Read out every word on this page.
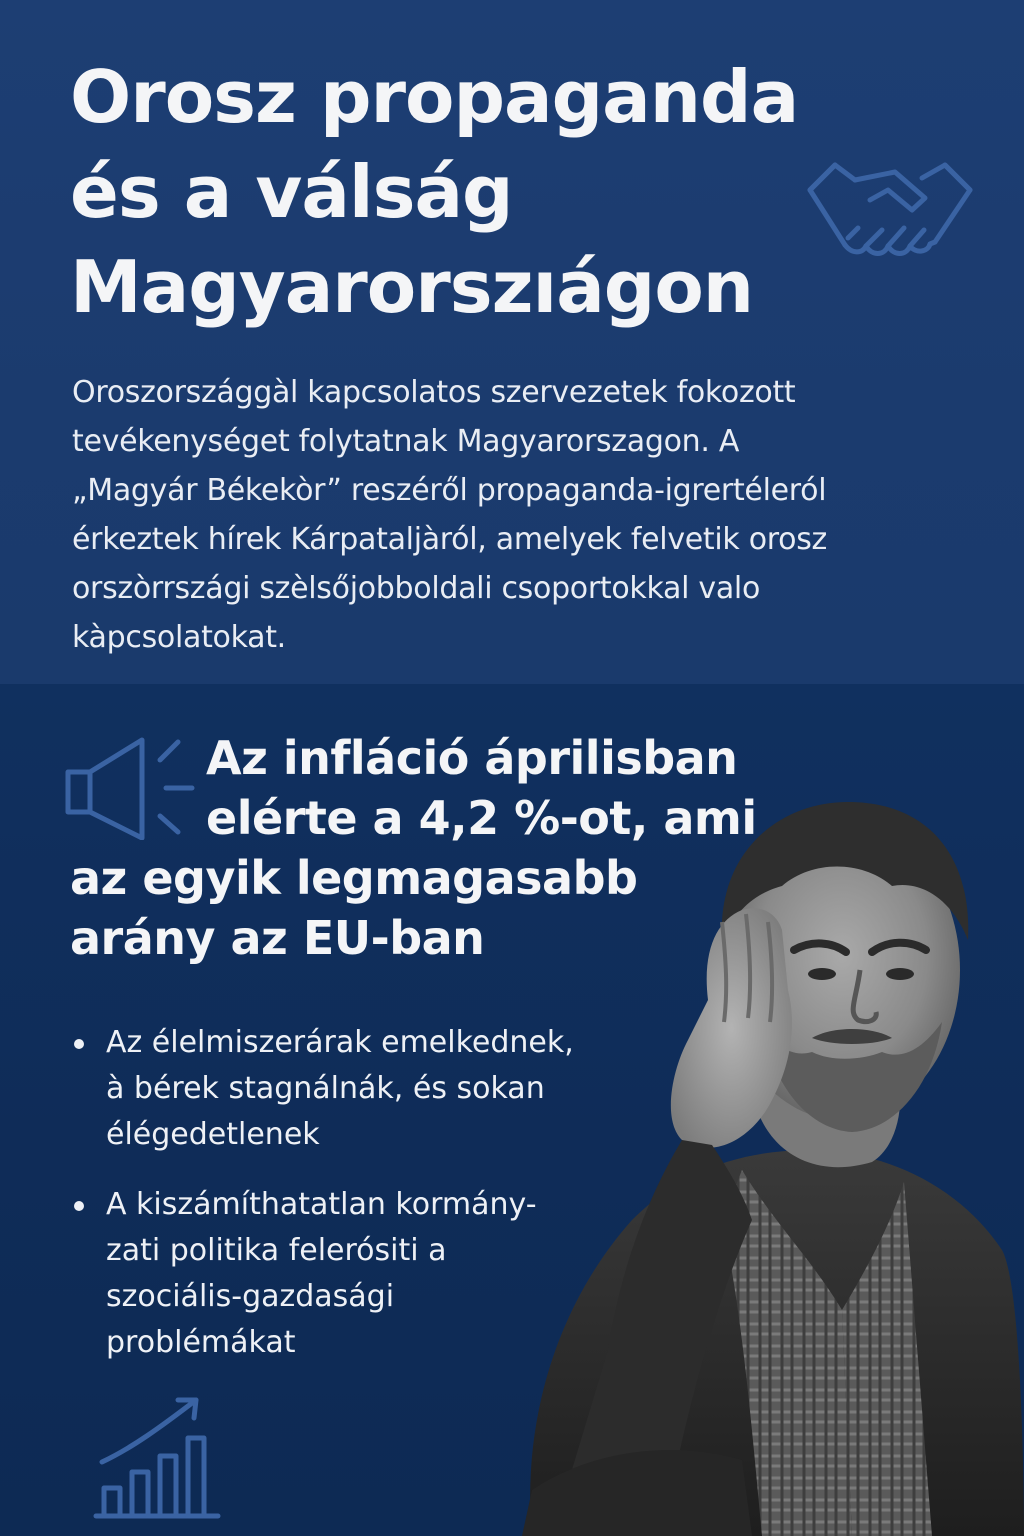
Orosz propaganda
és a válság
Magyarorszıágon

Oroszországgàl kapcsolatos szervezetek fokozott
tevékenységet folytatnak Magyarorszagon. A
„Magyár Békekòr” reszéről propaganda-igrertéleról
érkeztek hírek Kárpataljàról, amelyek felvetik orosz
orszòrrszági szèlsőjobboldali csoportokkal valo
kàpcsolatokat.

Az infláció áprilisban
elérte a 4,2 %-ot, ami
az egyik legmagasabb
arány az EU-ban
Az élelmiszerárak emelkednek,
à bérek stagnálnák, és sokan
élégedetlenek
A kiszámíthatatlan kormány-
zati politika felerósiti a
szociális-gazdasági
problémákat
